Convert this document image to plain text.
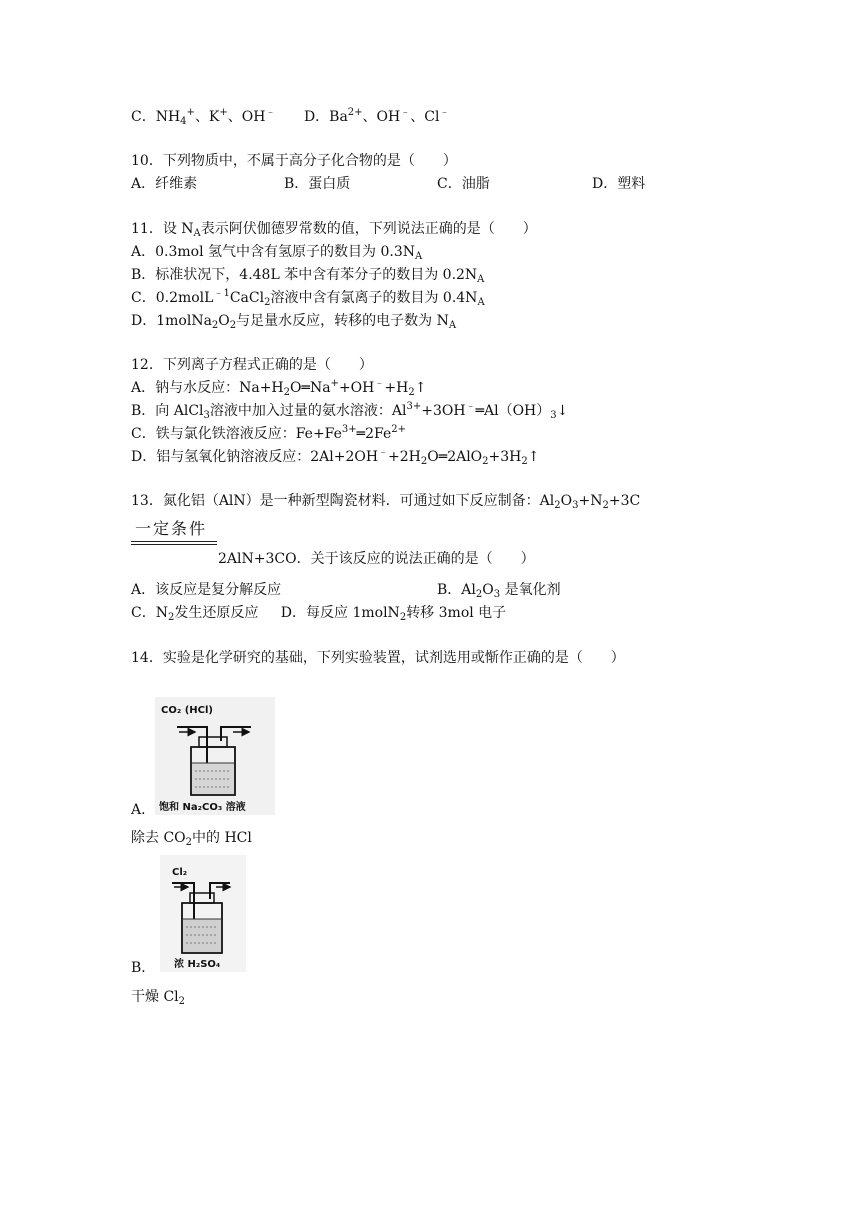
C．$NH_4^+$、K+、OH﹣ D．$Ba^{2+}$、OH﹣、Cl﹣
10．下列物质中，不属于高分子化合物的是（　　）
A．纤维素	B．蛋白质	C．油脂	D．塑料
11．设 $N_A$表示阿伏伽德罗常数的值，下列说法正确的是（　　）
A．0.3mol 氢气中含有氢原子的数目为 $0.3N_A$
B．标准状况下，4.48L 苯中含有苯分子的数目为 $0.2N_A$
C．0.2molL$^{﹣1}$CaCl$_2$溶液中含有氯离子的数目为 $0.4N_A$
D．$1molNa_2O_2$与足量水反应，转移的电子数为 $N_A$
12．下列离子方程式正确的是（　　）
A．钠与水反应：$Na+H_2O═Na^++OH^﹣+H_2↑$
B．向 AlCl$_3$溶液中加入过量的氨水溶液：$Al^{3+}+3OH^﹣═Al(OH)_3↓$
C．铁与氯化铁溶液反应：$Fe+Fe^{3+}═2Fe^{2+}$
D．铝与氢氧化钠溶液反应：$2Al+2OH^﹣+2H_2O═2AlO_2+3H_2↑$
13．氮化铝（AlN）是一种新型陶瓷材料．可通过如下反应制备：$Al_2O_3+N_2+3C$
一定条件
2AlN+3CO．关于该反应的说法正确的是（　　）
A．该反应是复分解反应	B．$Al_2O_3$ 是氧化剂
C．$N_2$发生还原反应 D．每反应 1molN$_2$转移 3mol 电子
14．实验是化学研究的基础，下列实验装置，试剂选用或惭作正确的是（　　）
CO₂ (HCl)
饱和 Na₂CO₃ 溶液
A．
除去 $CO_2$中的 HCl
Cl₂
浓 H₂SO₄
B．
干燥 $Cl_2$
